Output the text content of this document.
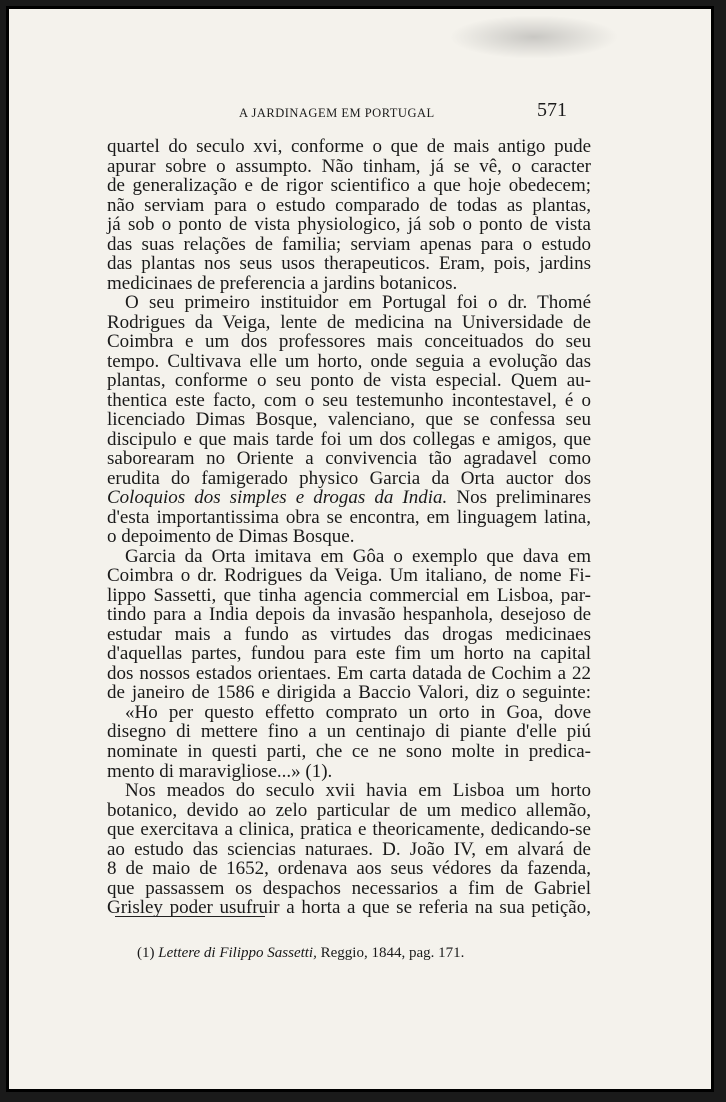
A JARDINAGEM EM PORTUGAL	571
quartel do seculo xvi, conforme o que de mais antigo pude
apurar sobre o assumpto. Não tinham, já se vê, o caracter
de generalização e de rigor scientifico a que hoje obedecem;
não serviam para o estudo comparado de todas as plantas,
já sob o ponto de vista physiologico, já sob o ponto de vista
das suas relações de familia; serviam apenas para o estudo
das plantas nos seus usos therapeuticos. Eram, pois, jardins
medicinaes de preferencia a jardins botanicos.
O seu primeiro instituidor em Portugal foi o dr. Thomé
Rodrigues da Veiga, lente de medicina na Universidade de
Coimbra e um dos professores mais conceituados do seu
tempo. Cultivava elle um horto, onde seguia a evolução das
plantas, conforme o seu ponto de vista especial. Quem au-
thentica este facto, com o seu testemunho incontestavel, é o
licenciado Dimas Bosque, valenciano, que se confessa seu
discipulo e que mais tarde foi um dos collegas e amigos, que
saborearam no Oriente a convivencia tão agradavel como
erudita do famigerado physico Garcia da Orta auctor dos
Coloquios dos simples e drogas da India. Nos preliminares
d'esta importantissima obra se encontra, em linguagem latina,
o depoimento de Dimas Bosque.
Garcia da Orta imitava em Gôa o exemplo que dava em
Coimbra o dr. Rodrigues da Veiga. Um italiano, de nome Fi-
lippo Sassetti, que tinha agencia commercial em Lisboa, par-
tindo para a India depois da invasão hespanhola, desejoso de
estudar mais a fundo as virtudes das drogas medicinaes
d'aquellas partes, fundou para este fim um horto na capital
dos nossos estados orientaes. Em carta datada de Cochim a 22
de janeiro de 1586 e dirigida a Baccio Valori, diz o seguinte:
«Ho per questo effetto comprato un orto in Goa, dove
disegno di mettere fino a un centinajo di piante d'elle piú
nominate in questi parti, che ce ne sono molte in predica-
mento di maravigliose...» (1).
Nos meados do seculo xvii havia em Lisboa um horto
botanico, devido ao zelo particular de um medico allemão,
que exercitava a clinica, pratica e theoricamente, dedicando-se
ao estudo das sciencias naturaes. D. João IV, em alvará de
8 de maio de 1652, ordenava aos seus védores da fazenda,
que passassem os despachos necessarios a fim de Gabriel
Grisley poder usufruir a horta a que se referia na sua petição,
(1) Lettere di Filippo Sassetti, Reggio, 1844, pag. 171.
